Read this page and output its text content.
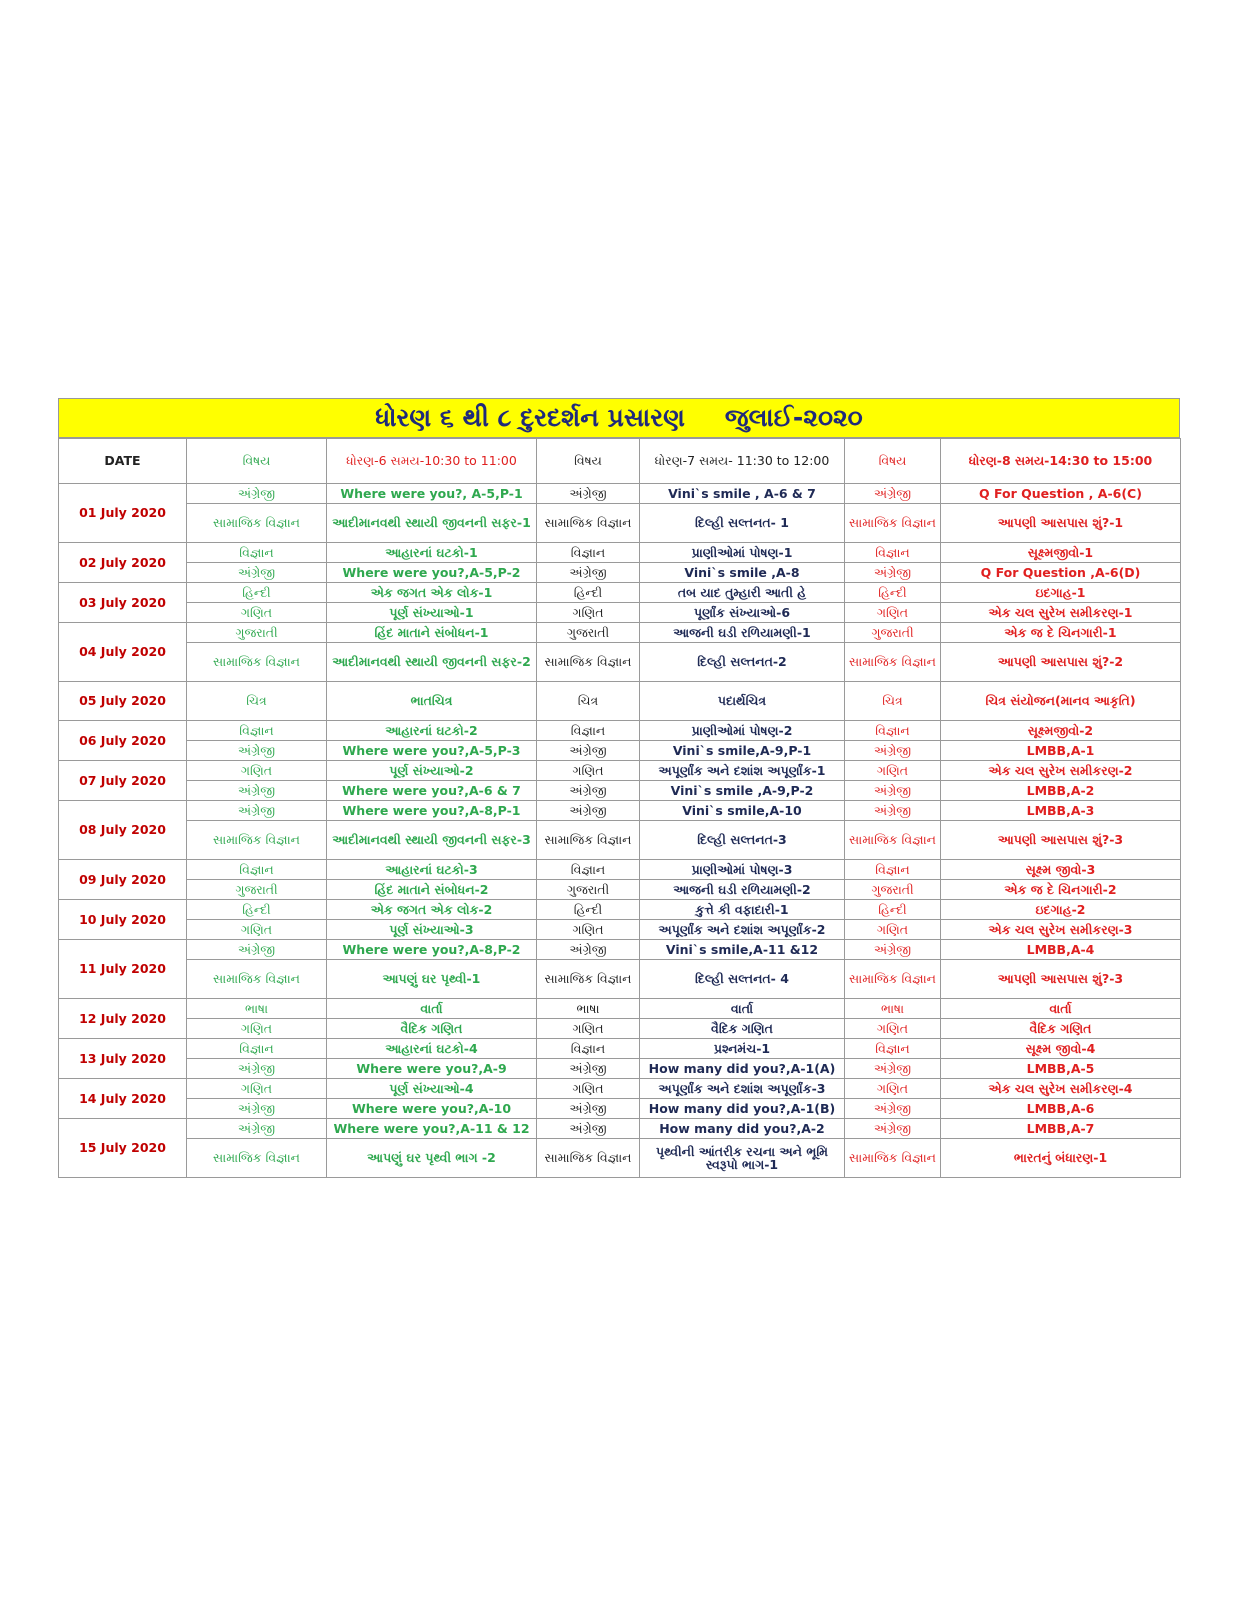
ધોરણ ૬ થી ૮ દુરદર્શન પ્રસારણ જુલાઈ-૨૦૨૦
DATE	વિષય	ધોરણ-6 સમય-10:30 to 11:00	વિષય	ધોરણ-7 સમય- 11:30 to 12:00	વિષય	ધોરણ-8 સમય-14:30 to 15:00
01 July 2020	અંગ્રેજી	Where were you?, A-5,P-1	અંગ્રેજી	Vini`s smile , A-6 & 7	અંગ્રેજી	Q For Question , A-6(C)
	સામાજિક વિજ્ઞાન	આદીમાનવથી સ્થાયી જીવનની સફર-1	સામાજિક વિજ્ઞાન	દિલ્હી સલ્તનત- 1	સામાજિક વિજ્ઞાન	આપણી આસપાસ શું?-1
02 July 2020	વિજ્ઞાન	આહારનાં ઘટકો-1	વિજ્ઞાન	પ્રાણીઓમાં પોષણ-1	વિજ્ઞાન	સૂક્ષ્મજીવો-1
	અંગ્રેજી	Where were you?,A-5,P-2	અંગ્રેજી	Vini`s smile ,A-8	અંગ્રેજી	Q For Question ,A-6(D)
03 July 2020	હિન્દી	એક જગત એક લોક-1	હિન્દી	તબ યાદ તુમ્હારી આતી હે	હિન્દી	ઇદગાહ-1
	ગણિત	પૂર્ણ સંખ્યાઓ-1	ગણિત	પૂર્ણાંક સંખ્યાઓ-6	ગણિત	એક ચલ સુરેખ સમીકરણ-1
04 July 2020	ગુજરાતી	હિંદ માતાને સંબોધન-1	ગુજરાતી	આજની ઘડી રળિયામણી-1	ગુજરાતી	એક જ દે ચિનગારી-1
	સામાજિક વિજ્ઞાન	આદીમાનવથી સ્થાયી જીવનની સફર-2	સામાજિક વિજ્ઞાન	દિલ્હી સલ્તનત-2	સામાજિક વિજ્ઞાન	આપણી આસપાસ શું?-2
05 July 2020	ચિત્ર	ભાતચિત્ર	ચિત્ર	પદાર્થચિત્ર	ચિત્ર	ચિત્ર સંયોજન(માનવ આકૃતિ)
06 July 2020	વિજ્ઞાન	આહારનાં ઘટકો-2	વિજ્ઞાન	પ્રાણીઓમાં પોષણ-2	વિજ્ઞાન	સૂક્ષ્મજીવો-2
	અંગ્રેજી	Where were you?,A-5,P-3	અંગ્રેજી	Vini`s smile,A-9,P-1	અંગ્રેજી	LMBB,A-1
07 July 2020	ગણિત	પૂર્ણ સંખ્યાઓ-2	ગણિત	અપૂર્ણાંક અને દશાંશ અપૂર્ણાંક-1	ગણિત	એક ચલ સુરેખ સમીકરણ-2
	અંગ્રેજી	Where were you?,A-6 & 7	અંગ્રેજી	Vini`s smile ,A-9,P-2	અંગ્રેજી	LMBB,A-2
08 July 2020	અંગ્રેજી	Where were you?,A-8,P-1	અંગ્રેજી	Vini`s smile,A-10	અંગ્રેજી	LMBB,A-3
	સામાજિક વિજ્ઞાન	આદીમાનવથી સ્થાયી જીવનની સફર-3	સામાજિક વિજ્ઞાન	દિલ્હી સલ્તનત-3	સામાજિક વિજ્ઞાન	આપણી આસપાસ શું?-3
09 July 2020	વિજ્ઞાન	આહારનાં ઘટકો-3	વિજ્ઞાન	પ્રાણીઓમાં પોષણ-3	વિજ્ઞાન	સૂક્ષ્મ જીવો-3
	ગુજરાતી	હિંદ માતાને સંબોધન-2	ગુજરાતી	આજની ઘડી રળિયામણી-2	ગુજરાતી	એક જ દે ચિનગારી-2
10 July 2020	હિન્દી	એક જગત એક લોક-2	હિન્દી	કુત્તે કી વફાદારી-1	હિન્દી	ઇદગાહ-2
	ગણિત	પૂર્ણ સંખ્યાઓ-3	ગણિત	અપૂર્ણાંક અને દશાંશ અપૂર્ણાંક-2	ગણિત	એક ચલ સુરેખ સમીકરણ-3
11 July 2020	અંગ્રેજી	Where were you?,A-8,P-2	અંગ્રેજી	Vini`s smile,A-11 &12	અંગ્રેજી	LMBB,A-4
	સામાજિક વિજ્ઞાન	આપણું ઘર પૃથ્વી-1	સામાજિક વિજ્ઞાન	દિલ્હી સલ્તનત- 4	સામાજિક વિજ્ઞાન	આપણી આસપાસ શું?-3
12 July 2020	ભાષા	વાર્તા	ભાષા	વાર્તા	ભાષા	વાર્તા
	ગણિત	વૈદિક ગણિત	ગણિત	વૈદિક ગણિત	ગણિત	વૈદિક ગણિત
13 July 2020	વિજ્ઞાન	આહારનાં ઘટકો-4	વિજ્ઞાન	પ્રશ્નમંચ-1	વિજ્ઞાન	સૂક્ષ્મ જીવો-4
	અંગ્રેજી	Where were you?,A-9	અંગ્રેજી	How many did you?,A-1(A)	અંગ્રેજી	LMBB,A-5
14 July 2020	ગણિત	પૂર્ણ સંખ્યાઓ-4	ગણિત	અપૂર્ણાંક અને દશાંશ અપૂર્ણાંક-3	ગણિત	એક ચલ સુરેખ સમીકરણ-4
	અંગ્રેજી	Where were you?,A-10	અંગ્રેજી	How many did you?,A-1(B)	અંગ્રેજી	LMBB,A-6
15 July 2020	અંગ્રેજી	Where were you?,A-11 & 12	અંગ્રેજી	How many did you?,A-2	અંગ્રેજી	LMBB,A-7
	સામાજિક વિજ્ઞાન	આપણું ઘર પૃથ્વી ભાગ -2	સામાજિક વિજ્ઞાન	પૃથ્વીની આંતરીક રચના અને ભૂમિ સ્વરૂપો ભાગ-1	સામાજિક વિજ્ઞાન	ભારતનું બંધારણ-1
